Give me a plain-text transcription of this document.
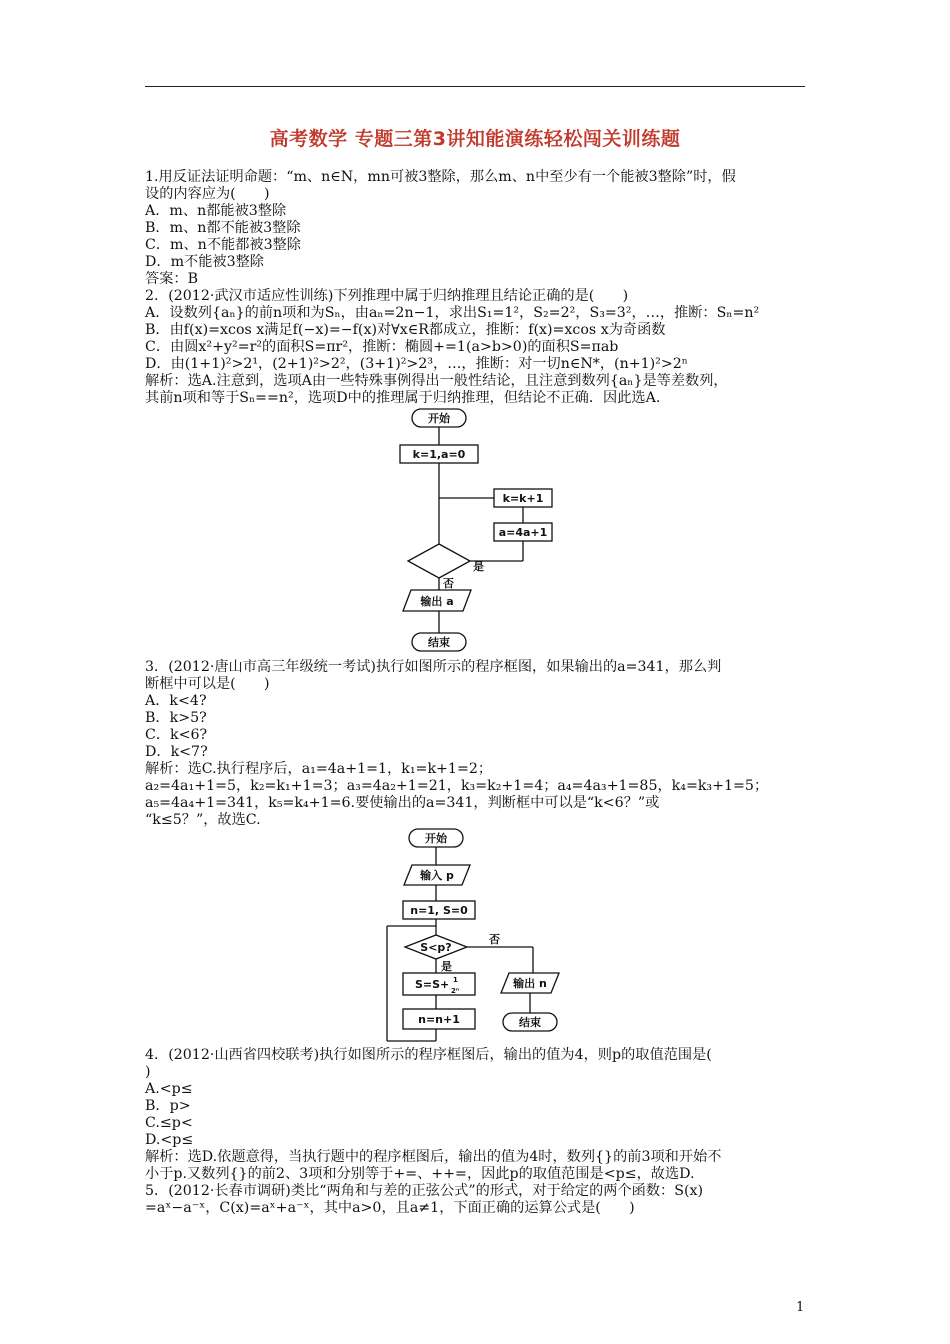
高考数学 专题三第3讲知能演练轻松闯关训练题
1.用反证法证明命题：“m、n∈N，mn可被3整除，那么m、n中至少有一个能被3整除”时，假
设的内容应为(　　)
A．m、n都能被3整除
B．m、n都不能被3整除
C．m、n不能都被3整除
D．m不能被3整除
答案：B
2．(2012·武汉市适应性训练)下列推理中属于归纳推理且结论正确的是(　　)
A．设数列{aₙ}的前n项和为Sₙ，由aₙ=2n−1，求出S₁=1²，S₂=2²，S₃=3²，…，推断：Sₙ=n²
B．由f(x)=xcos x满足f(−x)=−f(x)对∀x∈R都成立，推断：f(x)=xcos x为奇函数
C．由圆x²+y²=r²的面积S=πr²，推断：椭圆+=1(a>b>0)的面积S=πab
D．由(1+1)²>2¹，(2+1)²>2²，(3+1)²>2³，…，推断：对一切n∈N*，(n+1)²>2ⁿ
解析：选A.注意到，选项A由一些特殊事例得出一般性结论，且注意到数列{aₙ}是等差数列，
其前n项和等于Sₙ==n²，选项D中的推理属于归纳推理，但结论不正确．因此选A.
开始
k=1,a=0
k=k+1
a=4a+1
是
否
输出 a
结束
3．(2012·唐山市高三年级统一考试)执行如图所示的程序框图，如果输出的a=341，那么判
断框中可以是(　　)
A．k<4?
B．k>5?
C．k<6?
D．k<7?
解析：选C.执行程序后，a₁=4a+1=1，k₁=k+1=2；
a₂=4a₁+1=5，k₂=k₁+1=3；a₃=4a₂+1=21，k₃=k₂+1=4；a₄=4a₃+1=85，k₄=k₃+1=5；
a₅=4a₄+1=341，k₅=k₄+1=6.要使输出的a=341，判断框中可以是“k<6？”或
“k≤5？”，故选C.
开始
输入 p
n=1, S=0
S<p?
否
是
S=S+ 1
2ⁿ
输出 n
n=n+1	结束
4．(2012·山西省四校联考)执行如图所示的程序框图后，输出的值为4，则p的取值范围是(
)
A.<p≤
B．p>
C.≤p<
D.<p≤
解析：选D.依题意得，当执行题中的程序框图后，输出的值为4时，数列{}的前3项和开始不
小于p.又数列{}的前2、3项和分别等于+=、++=，因此p的取值范围是<p≤，故选D.
5．(2012·长春市调研)类比“两角和与差的正弦公式”的形式，对于给定的两个函数：S(x)
=aˣ−a⁻ˣ，C(x)=aˣ+a⁻ˣ，其中a>0，且a≠1，下面正确的运算公式是(　　)
1
